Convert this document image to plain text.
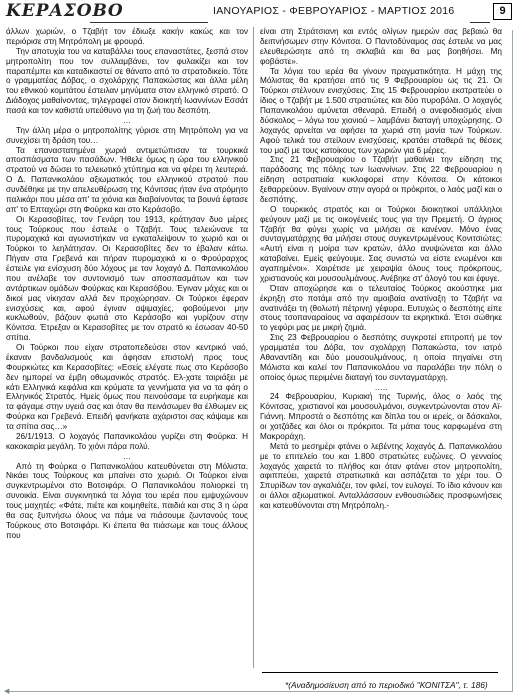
ΚΕΡΑΣΟΒΟ	ΙΑΝΟΥΑΡΙΟΣ - ΦΕΒΡΟΥΑΡΙΟΣ - ΜΑΡΤΙΟΣ 2016	9

άλλων χωριών, ο Τζαβήτ τον έδιωξε κακήν κακώς και τον περιόρισε στη Μητρόπολη με φρουρά.

Την αποτυχία του να καταβάλλει τους επαναστάτες, ξεσπά στον μητροπολίτη που τον συλλαμβάνει, τον φυλακίζει και τον παραπέμπει και καταδικαστεί σε θάνατο από το στρατοδικείο. Τότε ο γραμματέας Δόβας, ο σχολάρχης Παπακώστας και άλλα μέλη του εθνικού κομιτάτου έστειλαν μηνύματα στον ελληνικό στρατό. Ο Διάδοχος μαθαίνοντας, τηλεγραφεί στον διοικητή Ιωαννίνων Εσσάτ πασά και τον καθιστά υπεύθυνο για τη ζωή του δεσπότη.

…

Την άλλη μέρα ο μητροπολίτης γύρισε στη Μητρόπολη για να συνεχίσει τη δράση του…

Τα επαναστατημένα χωριά αντιμετώπισαν τα τουρκικά αποσπάσματα των πασάδων. Ήθελε όμως η ώρα του ελληνικού στρατού να δώσει το τελειωτικό χτύπημα και να φέρει τη λευτεριά. Ο Δ. Παπανικολάου αξιωματικός του ελληνικού στρατού που συνδέθηκε με την απελευθέρωση της Κόνιτσας ήταν ένα ατρόμητο παλικάρι που μέσα απ' τα χιόνια και διαβαίνοντας τα βουνά έφτασε απ' το Επταχώρι στη Φούρκα και στο Κεράσοβο.

Οι Κερασοβίτες, τον Γενάρη του 1913, κράτησαν δυο μέρες τους Τούρκους που έστειλε ο Τζαβήτ. Τους τελειώνανε τα πυρομαχικά και αγωνιστήκαν να εγκαταλείψουν το χωριό και οι Τούρκοι το λεηλάτησαν. Οι Κερασοβίτες δεν το έβαλαν κάτω. Πήγαν στα Γρεβενά και πήραν πυρομαχικά κι ο Φρούραρχος έστειλε για ενίσχυση δύο λόχους με τον λοχαγό Δ. Παπανικολάου που ανέλαβε τον συντονισμό των αποσπασμάτων και των αντάρτικων ομάδων Φούρκας και Κερασόβου. Έγιναν μάχες και οι δικοί μας νίκησαν αλλά δεν προχώρησαν. Οι Τούρκοι έφεραν ενισχύσεις και, αφού έγιναν αψιμαχίες, φοβούμενοι μην κυκλωθούν, βάζουν φωτιά στο Κεράσοβο και γυρίζουν στην Κόνιτσα. Έτρεξαν οι Κερασοβίτες με τον στρατό κι έσωσαν 40-50 σπίτια.

Οι Τούρκοι που είχαν στρατοπεδεύσει στον κεντρικό ναό, έκαναν βανδαλισμούς και άφησαν επιστολή προς τους Φουρκιώτες και Κερασοβίτες: «Εσείς ελέγατε πως στο Κεράσοβο δεν ημπορεί να έμβη οθωμανικός στρατός. Ελ-χατε ταιριάξει με κάτι Ελληνικά κεφάλια και κρύματε τα γεννήματα για να τα φάη ο Ελληνικός Στρατός. Ημείς όμως που πεινούσαμε τα ευρήκαμε και τα φάγαμε στην υγειά σας και όταν θα πεινάσωμεν θα έλθωμεν εις Φούρκα και Γρεβενά. Επειδή φανήκατε αχάριστοι σας κάψαμε και τα σπίτια σας…»

26/1/1913. Ο λοχαγός Παπανικολάου γυρίζει στη Φούρκα. Η κακοκαιρία μεγάλη. Το χιόνι πάρα πολύ.

…

Από τη Φούρκα ο Παπανικολάου κατευθύνεται στη Μόλιστα. Νικάει τους Τούρκους και μπαίνει στο χωριό. Οι Τούρκοι είναι συγκεντρωμένοι στο Βοτσιφάρι. Ο Παπανικολάου πολιορκεί τη συνοικία. Είναι συγκινητικά τα λόγια του ιερέα που εμψυχώνουν τους μαχητές: «Φάτε, πιέτε και κοιμηθείτε, παιδιά και στις 3 η ώρα θα σας ξυπνήσω όλους να πάμε να πιάσουμε ζωντανούς τους Τούρκους στο Βοτσιφάρι. Κι έπειτα θα πιάσωμε και τους άλλους που

είναι στη Στράτσιανη και εντός ολίγων ημερών σας βεβαιώ θα δειπνήσωμεν στην Κόνιτσα. Ο Παντοδύναμος σας έστειλε να μας ελευθερώσητε από τη σκλαβιά και θα μας βοηθήσει. Μη φοβάστε».

Τα λόγια του ιερέα θα γίνουν πραγματικότητα. Η μάχη της Μόλιστας θα κρατήσει από τις 9 Φεβρουαρίου ως τις 21. Οι Τούρκοι στέλνουν ενισχύσεις. Στις 15 Φεβρουαρίου εκστρατεύει ο ίδιος ο Τζαβήτ με 1.500 στρατιώτες και δύο πυροβόλα. Ο λοχαγός Παπανικολάου αμύνεται σθεναρά. Επειδή ο ανεφοδιασμός είναι δύσκολος – λόγω του χιονιού – λαμβάνει διαταγή υποχώρησης. Ο λοχαγός αρνείται να αφήσει τα χωριά στη μανία των Τούρκων. Αφού τελικά του στείλουν ενισχύσεις, κρατάει σταθερά τις θέσεις του μαζί με τους κατοίκους των χωριών για 6 μέρες.

Στις 21 Φεβρουαρίου ο Τζαβήτ μαθαίνει την είδηση της παράδοσης της πόλης των Ιωαννίνων. Στις 22 Φεβρουαρίου η είδηση αστραπιαία κυκλοφορεί στην Κόνιτσα. Οι κάτοικοι ξεθαρρεύουν. Βγαίνουν στην αγορά οι πρόκριτοι, ο λαός μαζί και ο δεσπότης.

Ο τουρκικός στρατός και οι Τούρκοι διοικητικοί υπάλληλοι φεύγουν μαζί με τις οικογένειές τους για την Πρεμετή. Ο άγριος Τζαβήτ θα φύγει χωρίς να μιλήσει σε κανέναν. Μόνο ένας συνταγματάρχης θα μιλήσει στους συγκεντρωμένους Κονιτσιώτες: «Αυτή είναι η μοίρα των κρατών, άλλο ανυψώνεται και άλλο καταβαίνει. Εμείς φεύγουμε. Σας συνιστώ να είστε ενωμένοι και αγαπημένοι». Χαιρέτισε με χειραψία όλους τους πρόκριτους, χριστιανούς και μουσουλμάνους. Ανέβηκε στ' άλογό του και έφυγε.

Όταν αποχώρησε και ο τελευταίος Τούρκος ακούστηκε μια έκρηξη στο ποτάμι από την αμοιβαία ανατίναξη το Τζαβήτ να ανατινάξει τη (θολωτή πέτρινη) γέφυρα. Ευτυχώς ο δεσπότης είπε στους τσοπαναραίους να αφαιρέσουν τα εκρηκτικά. Έτσι σώθηκε το γεφύρι μας με μικρή ζημιά.

Στις 23 Φεβρουαρίου ο δεσπότης συγκροτεί επιτροπή με τον γραμματέα του Δόβα, τον σχολάρχη Παπακώστα, τον ιατρό Αθαναντίδη και δύο μουσουλμάνους, η οποία πηγαίνει στη Μόλιστα και καλεί τον Παπανικολάου να παραλάβει την πόλη ο οποίος όμως περιμένει διαταγή του συνταγματάρχη.

…..

24 Φεβρουαρίου, Κυριακή της Τυρινής, όλος ο λαός της Κόνιτσας, χριστιανοί και μουσουλμάνοι, συγκεντρώνονται στον Αϊ-Γιάννη. Μπροστά ο δεσπότης και δίπλα του οι ιερείς, οι δάσκαλοι, οι χοτζάδες και όλοι οι πρόκριτοι. Τα μάτια τους καρφωμένα στη Μακροράχη.

Μετά το μεσημέρι φτάνει ο λεβέντης λοχαγός Δ. Παπανικολάου με το επιτελείο του και 1.800 στρατιώτες ευζώνες. Ο γενναίος λοχαγός χαιρετά το πλήθος και όταν φτάνει στον μητροπολίτη, αφιππεύει, χαιρετά στρατιωτικά και ασπάζεται το χέρι του. Ο Σπυρίδων τον αγκαλιάζει, τον φιλεί, τον ευλογεί. Το ίδιο κάνουν και οι άλλοι αξιωματικοί. Ανταλλάσσουν ενθουσιώδεις προσφωνήσεις και κατευθύνονται στη Μητρόπολη.-

*(Αναδημοσίευση από το περιοδικό "ΚΟΝΙΤΣΑ", τ. 186)
◀
